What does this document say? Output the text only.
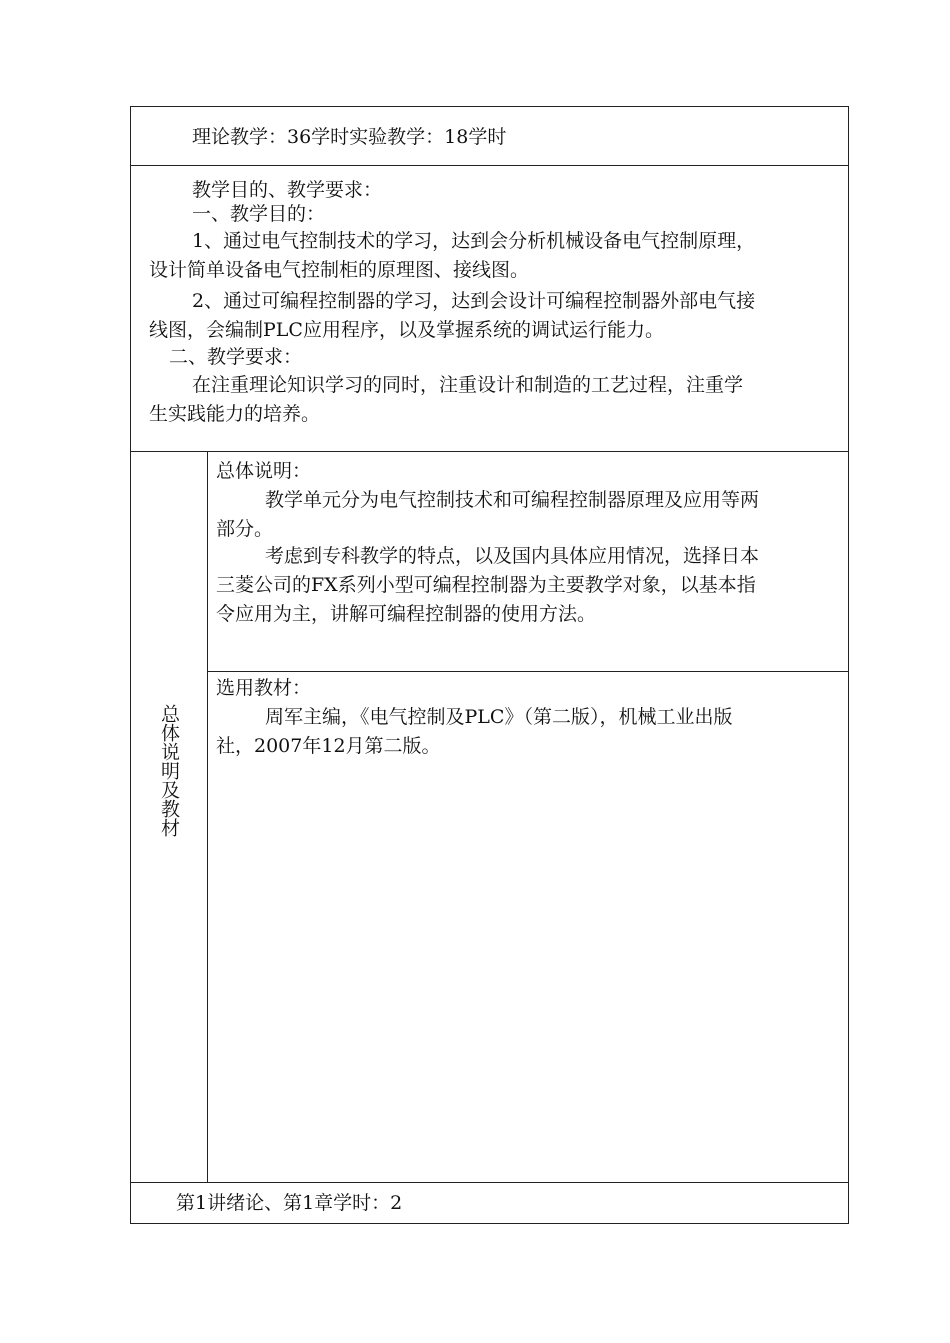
理论教学：36学时实验教学：18学时
教学目的、教学要求：
一、教学目的：
1、通过电气控制技术的学习，达到会分析机械设备电气控制原理，
设计简单设备电气控制柜的原理图、接线图。
2、通过可编程控制器的学习，达到会设计可编程控制器外部电气接
线图，会编制PLC应用程序，以及掌握系统的调试运行能力。
二、教学要求：
在注重理论知识学习的同时，注重设计和制造的工艺过程，注重学
生实践能力的培养。
总体说明及教材
总体说明：
教学单元分为电气控制技术和可编程控制器原理及应用等两
部分。
考虑到专科教学的特点，以及国内具体应用情况，选择日本
三菱公司的FX系列小型可编程控制器为主要教学对象，以基本指
令应用为主，讲解可编程控制器的使用方法。
选用教材：
周军主编，《电气控制及PLC》（第二版），机械工业出版
社，2007年12月第二版。
第1讲绪论、第1章学时：2
